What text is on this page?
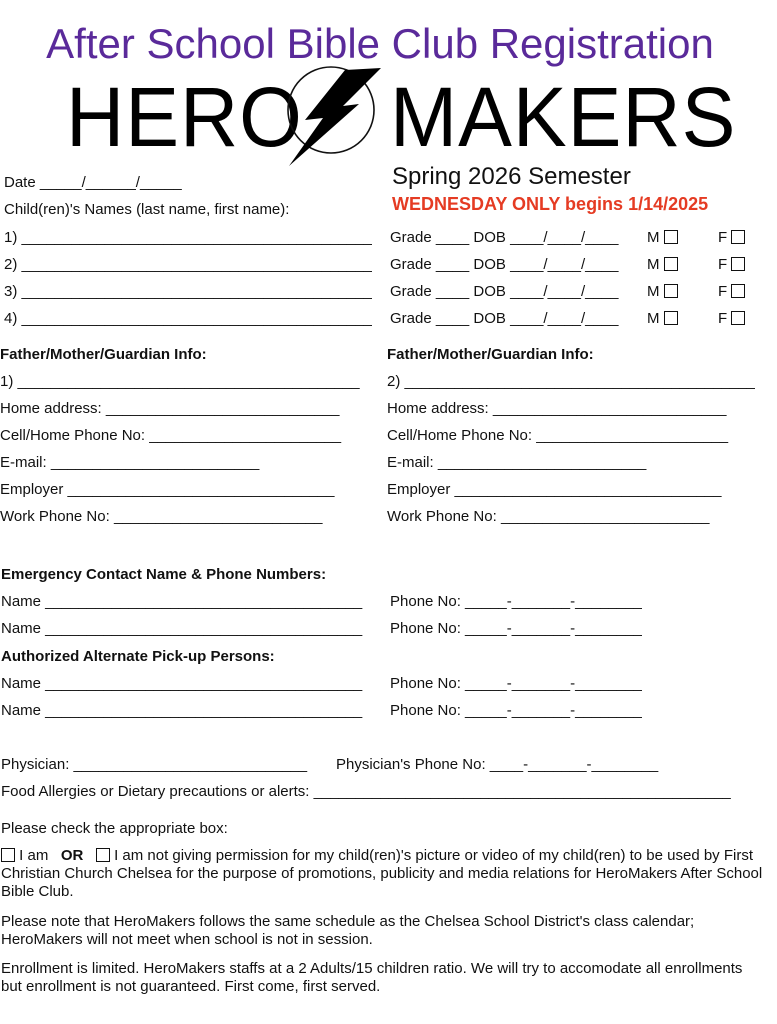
After School Bible Club Registration
HERO MAKERS
Spring 2026 Semester
WEDNESDAY ONLY begins 1/14/2025
Date _____/______/_____
Child(ren)'s Names (last name, first name):
1) __________________________________________ Grade ____ DOB ____/____/____ M	F
2) __________________________________________ Grade ____ DOB ____/____/____ M	F
3) __________________________________________ Grade ____ DOB ____/____/____ M	F
4) __________________________________________ Grade ____ DOB ____/____/____ M	F
Father/Mother/Guardian Info:
1) _________________________________________
Home address: ____________________________
Cell/Home Phone No: _______________________
E-mail: _________________________
Employer ________________________________
Work Phone No: _________________________
Father/Mother/Guardian Info:
2) __________________________________________
Home address: ____________________________
Cell/Home Phone No: _______________________
E-mail: _________________________
Employer ________________________________
Work Phone No: _________________________
Emergency Contact Name & Phone Numbers:
Name ______________________________________ Phone No: _____-_______-________
Name ______________________________________ Phone No: _____-_______-________
Authorized Alternate Pick-up Persons:
Name ______________________________________ Phone No: _____-_______-________
Name ______________________________________ Phone No: _____-_______-________
Physician: ____________________________ Physician's Phone No: ____-_______-________
Food Allergies or Dietary precautions or alerts: __________________________________________________
Please check the appropriate box:
I am OR I am not giving permission for my child(ren)'s picture or video of my child(ren) to be used by First Christian Church Chelsea for the purpose of promotions, publicity and media relations for HeroMakers After School Bible Club.
Please note that HeroMakers follows the same schedule as the Chelsea School District's class calendar; HeroMakers will not meet when school is not in session.
Enrollment is limited. HeroMakers staffs at a 2 Adults/15 children ratio. We will try to accomodate all enrollments but enrollment is not guaranteed. First come, first served.
